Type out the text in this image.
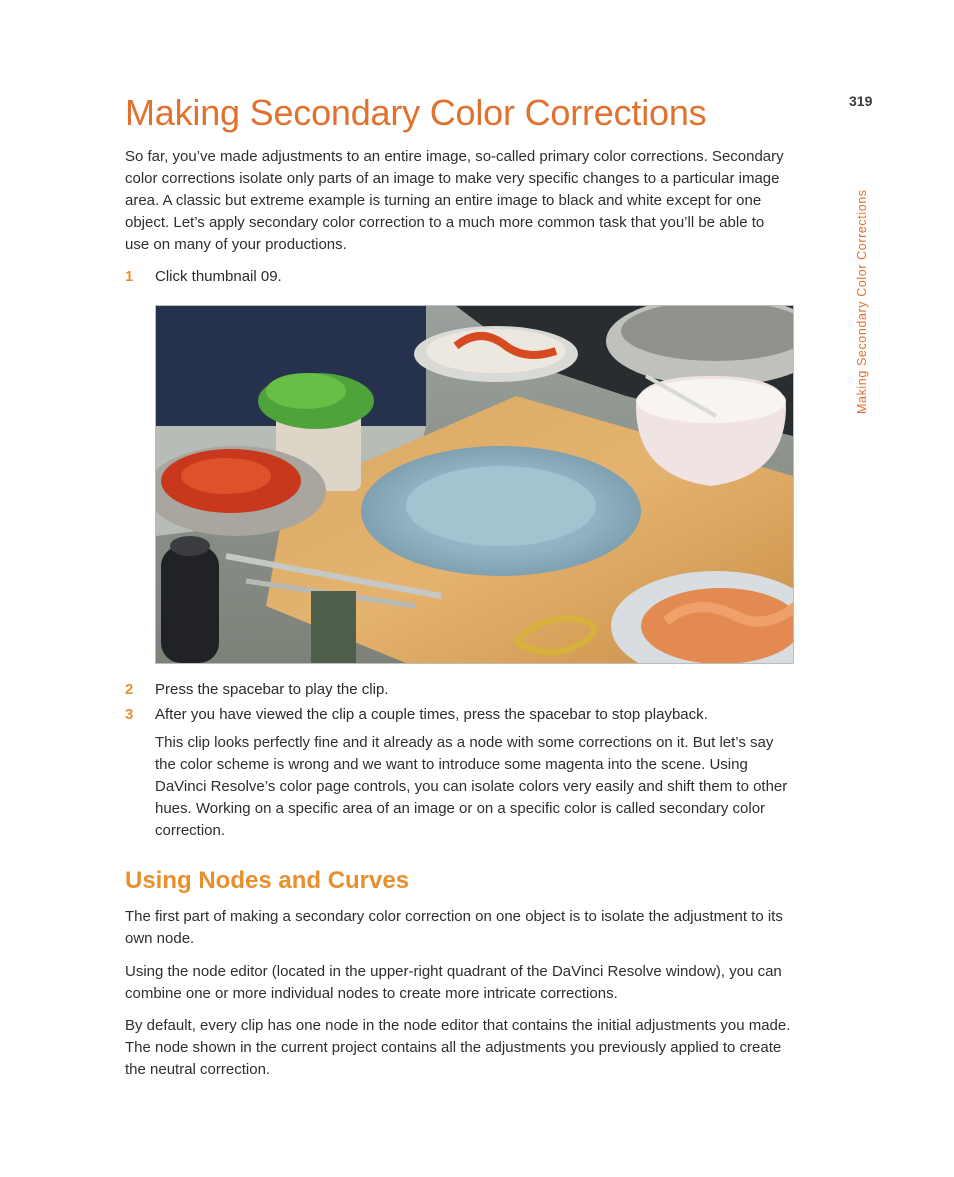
319
Making Secondary Color Corrections
Making Secondary Color Corrections

So far, you’ve made adjustments to an entire image, so-called primary color corrections. Secondary color corrections isolate only parts of an image to make very specific changes to a particular image area. A classic but extreme example is turning an entire image to black and white except for one object. Let’s apply secondary color correction to a much more common task that you’ll be able to use on many of your productions.

1 Click thumbnail 09.
2 Press the spacebar to play the clip.
3 After you have viewed the clip a couple times, press the spacebar to stop playback.

This clip looks perfectly fine and it already as a node with some corrections on it. But let’s say the color scheme is wrong and we want to introduce some magenta into the scene. Using DaVinci Resolve’s color page controls, you can isolate colors very easily and shift them to other hues. Working on a specific area of an image or on a specific color is called secondary color correction.

Using Nodes and Curves

The first part of making a secondary color correction on one object is to isolate the adjustment to its own node.

Using the node editor (located in the upper-right quadrant of the DaVinci Resolve window), you can combine one or more individual nodes to create more intricate corrections.

By default, every clip has one node in the node editor that contains the initial adjustments you made. The node shown in the current project contains all the adjustments you previously applied to create the neutral correction.
